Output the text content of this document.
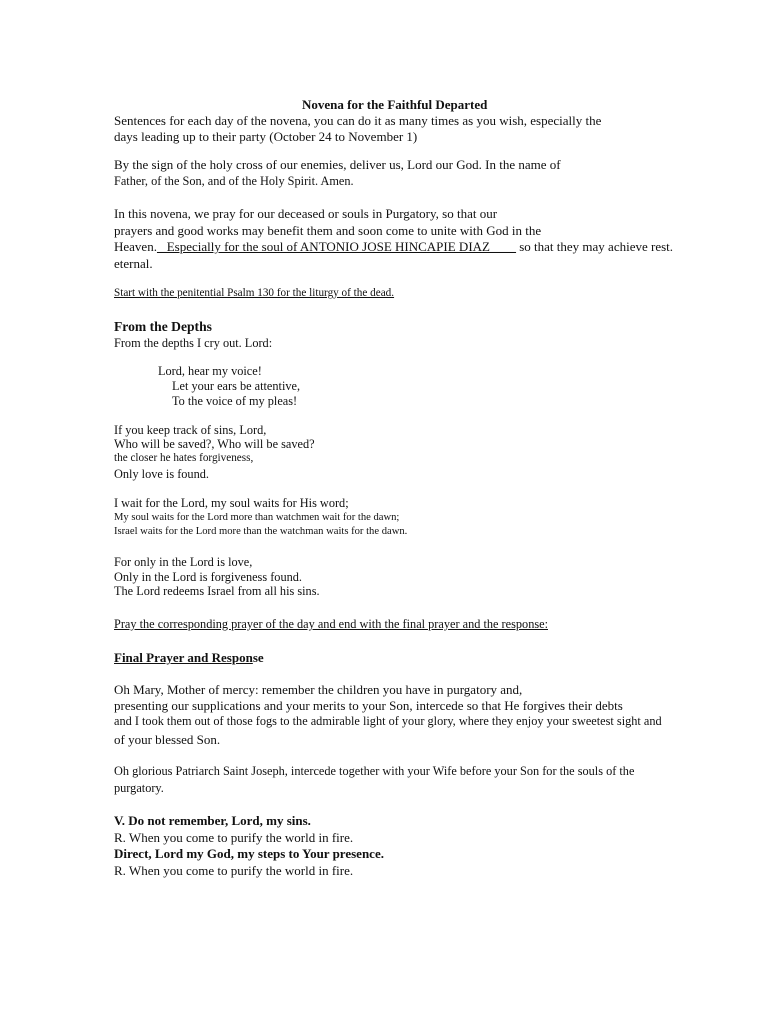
Novena for the Faithful Departed
Sentences for each day of the novena, you can do it as many times as you wish, especially the
days leading up to their party (October 24 to November 1)
By the sign of the holy cross of our enemies, deliver us, Lord our God. In the name of
Father, of the Son, and of the Holy Spirit. Amen.
In this novena, we pray for our deceased or souls in Purgatory, so that our
prayers and good works may benefit them and soon come to unite with God in the
Heaven. _Especially for the soul of ANTONIO JOSE HINCAPIE DIAZ____ so that they may achieve rest.
eternal.
Start with the penitential Psalm 130 for the liturgy of the dead.
From the Depths
From the depths I cry out. Lord:
Lord, hear my voice!
Let your ears be attentive,
To the voice of my pleas!
If you keep track of sins, Lord,
Who will be saved?, Who will be saved?
the closer he hates forgiveness,
Only love is found.
I wait for the Lord, my soul waits for His word;
My soul waits for the Lord more than watchmen wait for the dawn;
Israel waits for the Lord more than the watchman waits for the dawn.
For only in the Lord is love,
Only in the Lord is forgiveness found.
The Lord redeems Israel from all his sins.
Pray the corresponding prayer of the day and end with the final prayer and the response:
Final Prayer and Response
Oh Mary, Mother of mercy: remember the children you have in purgatory and,
presenting our supplications and your merits to your Son, intercede so that He forgives their debts
and I took them out of those fogs to the admirable light of your glory, where they enjoy your sweetest sight and
of your blessed Son.
Oh glorious Patriarch Saint Joseph, intercede together with your Wife before your Son for the souls of the
purgatory.
V. Do not remember, Lord, my sins.
R. When you come to purify the world in fire.
Direct, Lord my God, my steps to Your presence.
R. When you come to purify the world in fire.
